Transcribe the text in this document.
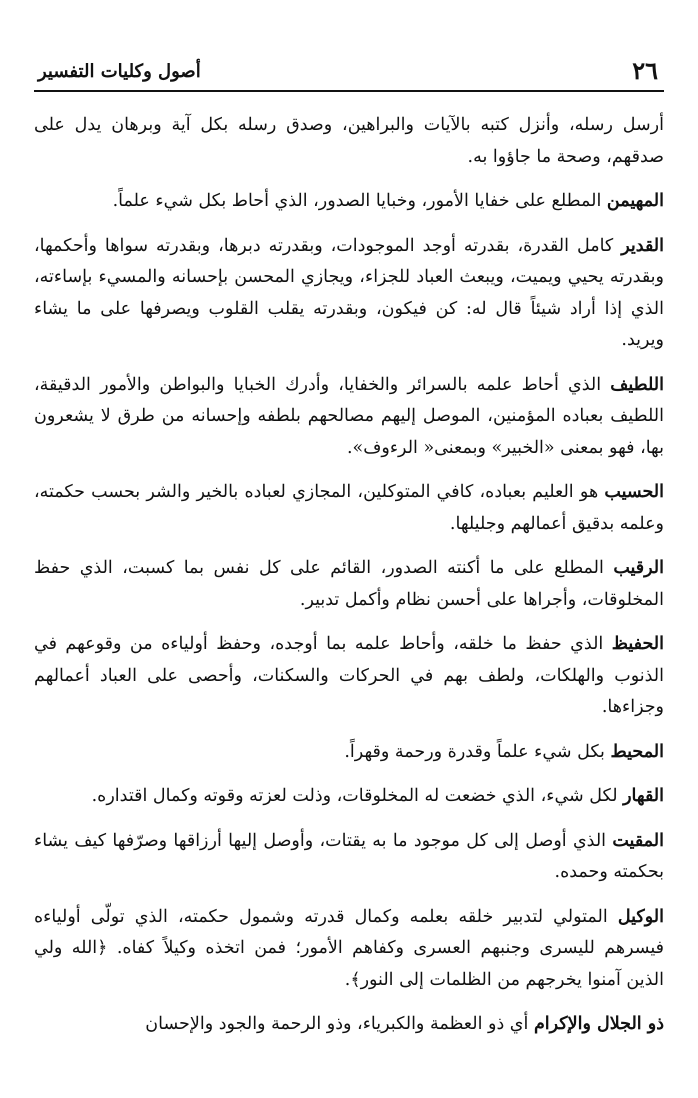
٢٦
أصول وكليات التفسير

أرسل رسله، وأنزل كتبه بالآيات والبراهين، وصدق رسله بكل آية وبرهان يدل على صدقهم، وصحة ما جاؤوا به.

المهيمن المطلع على خفايا الأمور، وخبايا الصدور، الذي أحاط بكل شيء علماً.

القدير كامل القدرة، بقدرته أوجد الموجودات، وبقدرته دبرها، وبقدرته سواها وأحكمها، وبقدرته يحيي ويميت، ويبعث العباد للجزاء، ويجازي المحسن بإحسانه والمسيء بإساءته، الذي إذا أراد شيئاً قال له: كن فيكون، وبقدرته يقلب القلوب ويصرفها على ما يشاء ويريد.

اللطيف الذي أحاط علمه بالسرائر والخفايا، وأدرك الخبايا والبواطن والأمور الدقيقة، اللطيف بعباده المؤمنين، الموصل إليهم مصالحهم بلطفه وإحسانه من طرق لا يشعرون بها، فهو بمعنى «الخبير» وبمعنى« الرءوف».

الحسيب هو العليم بعباده، كافي المتوكلين، المجازي لعباده بالخير والشر بحسب حكمته، وعلمه بدقيق أعمالهم وجليلها.

الرقيب المطلع على ما أكنته الصدور، القائم على كل نفس بما كسبت، الذي حفظ المخلوقات، وأجراها على أحسن نظام وأكمل تدبير.

الحفيظ الذي حفظ ما خلقه، وأحاط علمه بما أوجده، وحفظ أولياءه من وقوعهم في الذنوب والهلكات، ولطف بهم في الحركات والسكنات، وأحصى على العباد أعمالهم وجزاءها.

المحيط بكل شيء علماً وقدرة ورحمة وقهراً.

القهار لكل شيء، الذي خضعت له المخلوقات، وذلت لعزته وقوته وكمال اقتداره.

المقيت الذي أوصل إلى كل موجود ما به يقتات، وأوصل إليها أرزاقها وصرّفها كيف يشاء بحكمته وحمده.

الوكيل المتولي لتدبير خلقه بعلمه وكمال قدرته وشمول حكمته، الذي تولّى أولياءه فيسرهم لليسرى وجنبهم العسرى وكفاهم الأمور؛ فمن اتخذه وكيلاً كفاه. ﴿الله ولي الذين آمنوا يخرجهم من الظلمات إلى النور﴾.

ذو الجلال والإكرام أي ذو العظمة والكبرياء، وذو الرحمة والجود والإحسان
